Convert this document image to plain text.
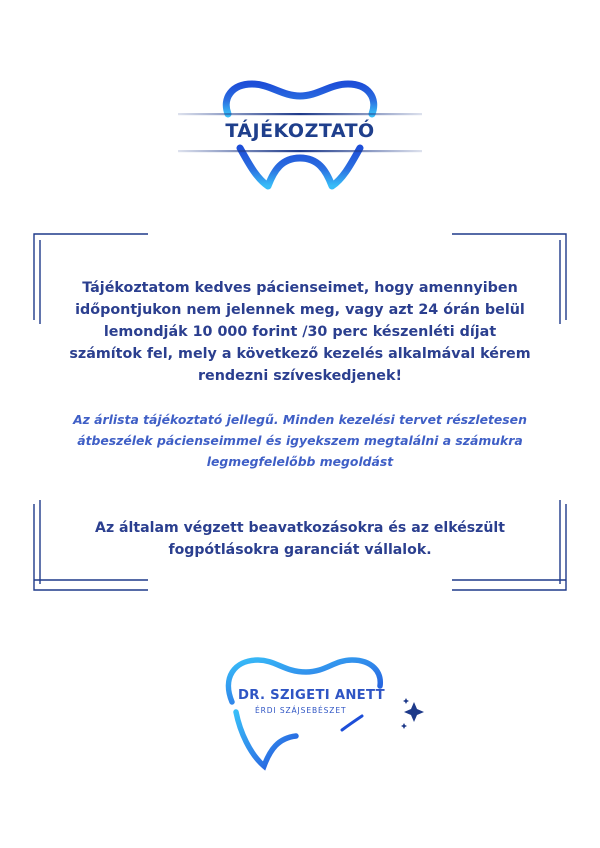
TÁJÉKOZTATÓ
Tájékoztatom kedves pácienseimet, hogy amennyiben időpontjukon nem jelennek meg, vagy azt 24 órán belül lemondják 10 000 forint /30 perc készenléti díjat számítok fel, mely a következő kezelés alkalmával kérem rendezni szíveskedjenek!
Az árlista tájékoztató jellegű. Minden kezelési tervet részletesen átbeszélek pácienseimmel és igyekszem megtalálni a számukra legmegfelelőbb megoldást
Az általam végzett beavatkozásokra és az elkészült fogpótlásokra garanciát vállalok.
DR. SZIGETI ANETT
ÉRDI SZÁJSEBÉSZET
